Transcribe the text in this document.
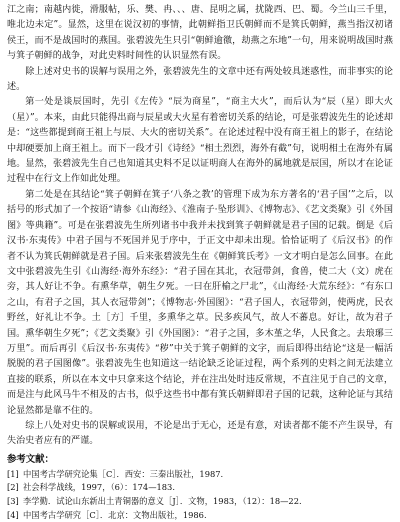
江之南；南越内徙，滑服帖，乐、樊、冉、、、唐、昆明之属，扰陇西、巴、蜀。今兰山三千里，唯北边未定”。显然，这里在说汉初的事情，此朝鲜指卫氏朝鲜而不是箕氏朝鲜，燕当指汉初诸侯王，而不是战国时的燕国。张碧波先生只引“朝鲜逾徼，劫燕之东地”一句，用来说明战国时燕与箕子朝鲜的战争，对此史料时间性的认识显然有误。

除上述对史书的误解与误用之外，张碧波先生的文章中还有两处较具迷惑性，而非事实的论述。

第一处是谈辰国时，先引《左传》“辰为商星”，“商主大火”，而后认为“辰（星）即大火（星）”。本来，由此只能得出商与辰星或大火星有着密切关系的结论，可是张碧波先生的论述却是：“这些都提到商王祖上与辰、大火的密切关系”。在论述过程中没有商王祖上的影子，在结论中却硬要加上商王祖上。而下一段才引《诗经》“相土烈烈，海外有截”句，说明相土在海外有属地。显然，张碧波先生自己也知道其史料不足以证明商人在海外的属地就是辰国，所以才在论证过程中在行文上作如此处理。

第二处是在其结论“箕子朝鲜在箕子‘八条之教’的管理下成为东方著名的‘君子国’”之后，以括号的形式加了一个按语“请参《山海经》、《淮南子·坠形训》、《博物志》、《艺文类聚》引《外国图》等典籍”。可是在张碧波先生所列诸书中我并未找到箕子朝鲜就是君子国的记载。倒是《后汉书·东夷传》中君子国与不死国并见于序中，于正文中却未出现。恰恰证明了《后汉书》的作者不认为箕氏朝鲜就是君子国。后来张碧波先生在《朝鲜箕氏考》一文才明白是怎么回事。在此文中张碧波先生引《山海经·海外东经》：“君子国在其北，衣冠带剑，食兽，使二大（文）虎在旁，其人好让不争。有熏华草，朝生夕死。一曰在肝榆之尸北”，《山海经·大荒东经》：“有东口之山，有君子之国，其人衣冠带剑”；《博物志·外国图》：“君子国人，衣冠带剑，使两虎，民衣野丝，好礼让不争。土［方］千里，多熏华之草。民多疾风气，故人不蕃息。好让，故为君子国。熏华朝生夕死”；《艺文类聚》引《外国图》：“君子之国，多木堇之华，人民食之。去琅琊三万里”。而后再引《后汉书·东夷传》“秽”中关于箕子朝鲜的文字，而后即得出结论“这是一幅活脱脱的君子国图像”。张碧波先生也知道这一结论缺乏论证过程，两个系列的史料之间无法建立直接的联系，所以在本文中只拿来这个结论，并在注出处时违反常规，不直注见于自己的文章，而是注与此风马牛不相及的古书，似乎这些书中都有箕氏朝鲜即君子国的记载，这种论证与其结论显然都是靠不住的。

综上八处对史书的误解或误用，不论是出于无心，还是有意，对读者都不能不产生误导，有失治史者应有的严谨。

参考文献：
[1] 中国考古学研究论集［C］．西安：三秦出版社，1987.
[2] 社会科学战线，1997，（6）：174—183.
[3] 李学勤．试论山东新出土青铜器的意义［J］．文物，1983，（12）：18—22.
[4] 中国考古学研究［C］．北京：文物出版社，1986.
